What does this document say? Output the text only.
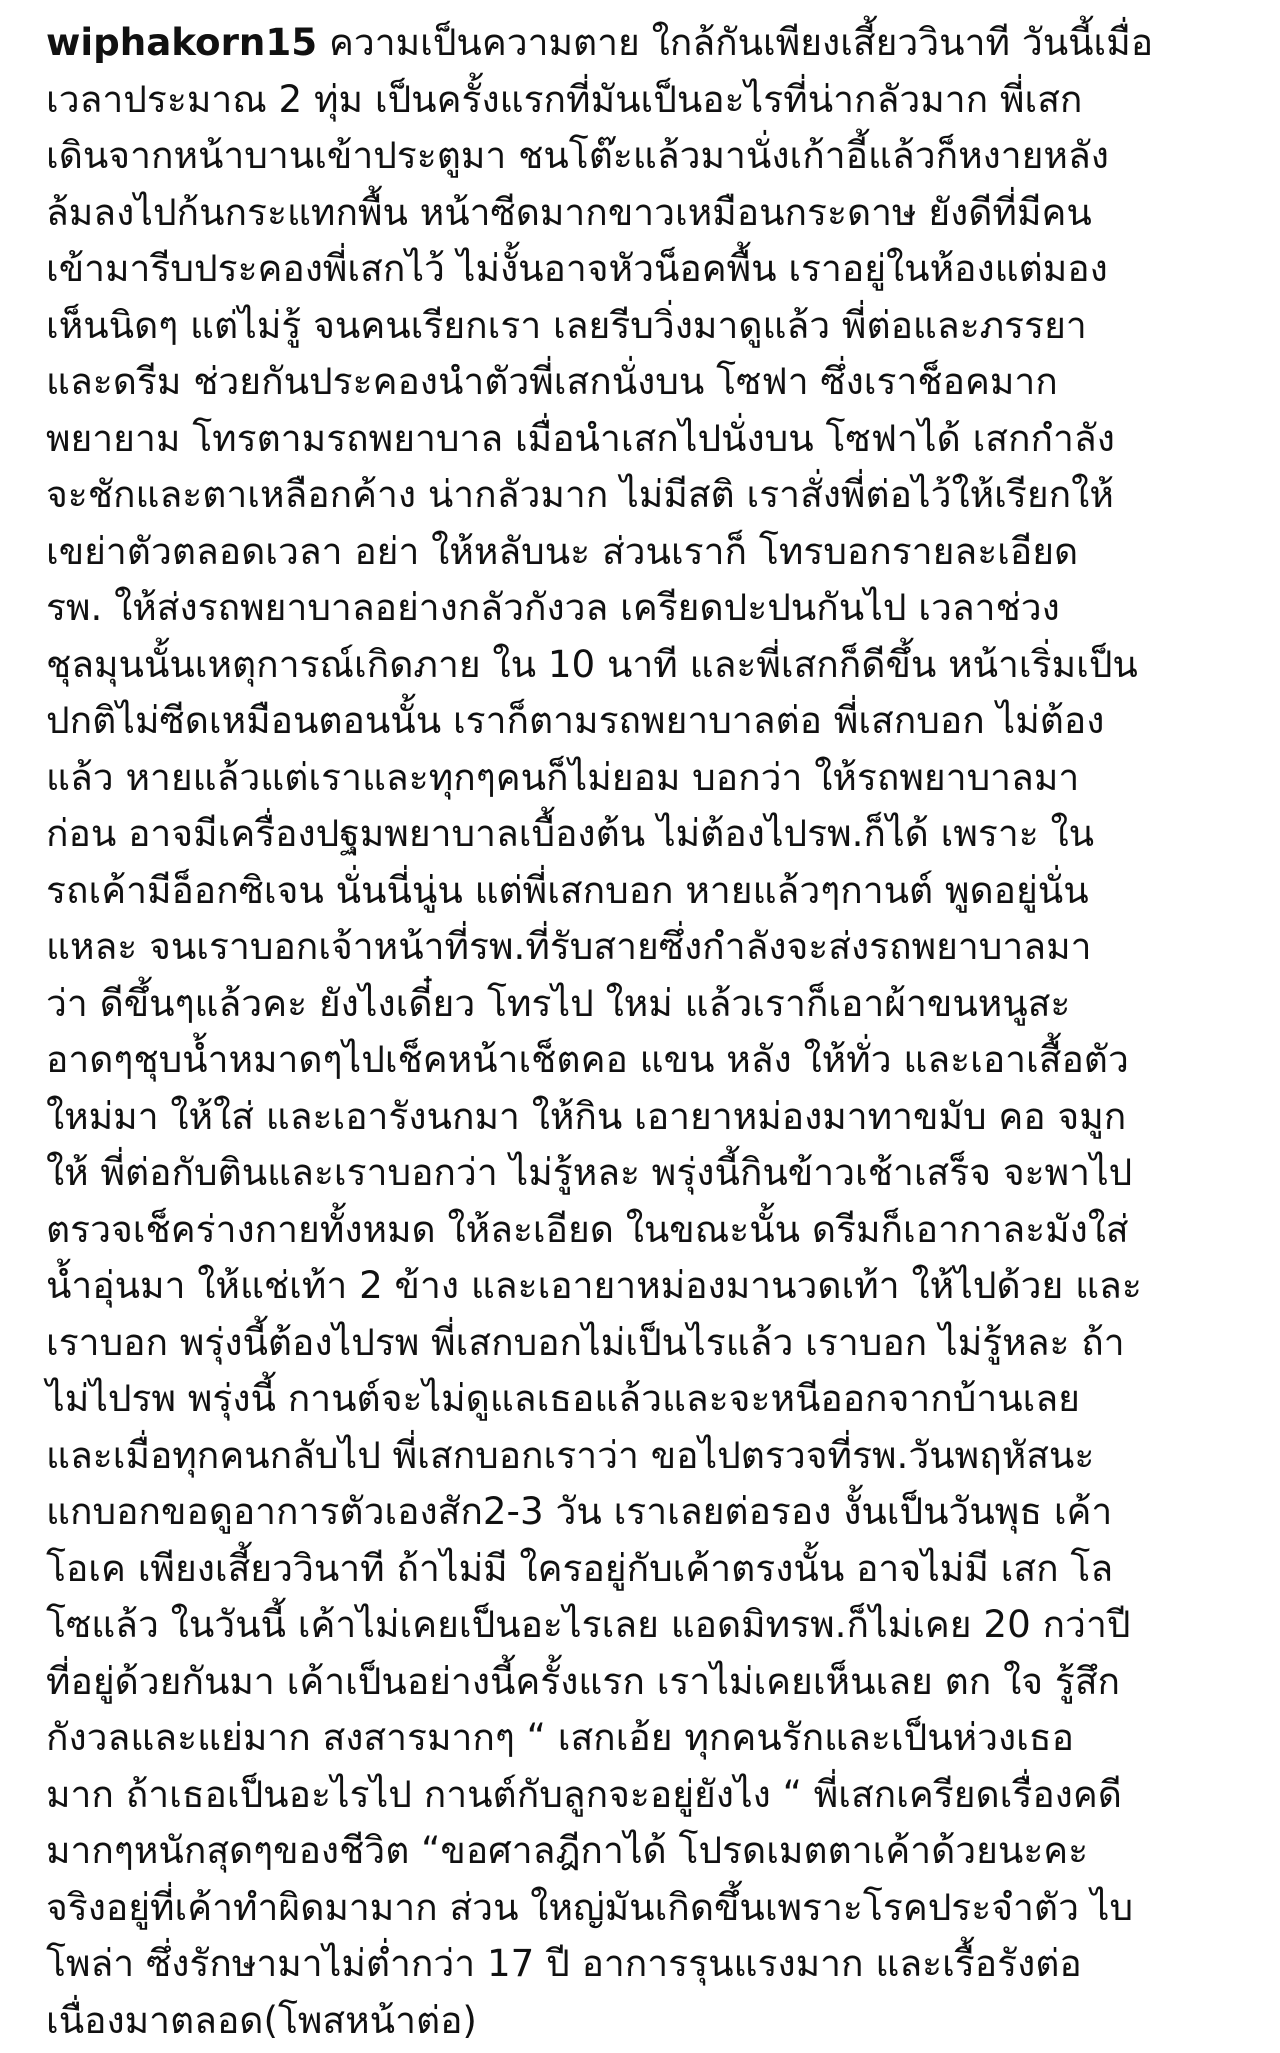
wiphakorn15 ความเป็นความตาย ใกล้กันเพียงเสี้ยววินาที วันนี้เมื่อ
เวลาประมาณ 2 ทุ่ม เป็นครั้งแรกที่มันเป็นอะไรที่น่ากลัวมาก พี่เสก
เดินจากหน้าบานเข้าประตูมา ชนโต๊ะแล้วมานั่งเก้าอี้แล้วก็หงายหลัง
ล้มลงไปก้นกระแทกพื้น หน้าซีดมากขาวเหมือนกระดาษ ยังดีที่มีคน
เข้ามารีบประคองพี่เสกไว้ ไม่งั้นอาจหัวน็อคพื้น เราอยู่ในห้องแต่มอง
เห็นนิดๆ แต่ไม่รู้ จนคนเรียกเรา เลยรีบวิ่งมาดูแล้ว พี่ต่อและภรรยา
และดรีม ช่วยกันประคองนำตัวพี่เสกนั่งบน โซฟา ซึ่งเราช็อคมาก
พยายาม โทรตามรถพยาบาล เมื่อนำเสกไปนั่งบน โซฟาได้ เสกกำลัง
จะชักและตาเหลือกค้าง น่ากลัวมาก ไม่มีสติ เราสั่งพี่ต่อไว้ให้เรียกให้
เขย่าตัวตลอดเวลา อย่า ให้หลับนะ ส่วนเราก็ โทรบอกรายละเอียด
รพ. ให้ส่งรถพยาบาลอย่างกลัวกังวล เครียดปะปนกันไป เวลาช่วง
ชุลมุนนั้นเหตุการณ์เกิดภาย ใน 10 นาที และพี่เสกก็ดีขึ้น หน้าเริ่มเป็น
ปกติไม่ซีดเหมือนตอนนั้น เราก็ตามรถพยาบาลต่อ พี่เสกบอก ไม่ต้อง
แล้ว หายแล้วแต่เราและทุกๆคนก็ไม่ยอม บอกว่า ให้รถพยาบาลมา
ก่อน อาจมีเครื่องปฐมพยาบาลเบื้องต้น ไม่ต้องไปรพ.ก็ได้ เพราะ ใน
รถเค้ามีอ็อกซิเจน นั่นนี่นู่น แต่พี่เสกบอก หายแล้วๆกานต์ พูดอยู่นั่น
แหละ จนเราบอกเจ้าหน้าที่รพ.ที่รับสายซึ่งกำลังจะส่งรถพยาบาลมา
ว่า ดีขึ้นๆแล้วคะ ยังไงเดี๋ยว โทรไป ใหม่ แล้วเราก็เอาผ้าขนหนูสะ
อาดๆชุบน้ำหมาดๆไปเช็คหน้าเช็ตคอ แขน หลัง ให้ทั่ว และเอาเสื้อตัว
ใหม่มา ให้ใส่ และเอารังนกมา ให้กิน เอายาหม่องมาทาขมับ คอ จมูก
ให้ พี่ต่อกับตินและเราบอกว่า ไม่รู้หละ พรุ่งนี้กินข้าวเช้าเสร็จ จะพาไป
ตรวจเช็คร่างกายทั้งหมด ให้ละเอียด ในขณะนั้น ดรีมก็เอากาละมังใส่
น้ำอุ่นมา ให้แช่เท้า 2 ข้าง และเอายาหม่องมานวดเท้า ให้ไปด้วย และ
เราบอก พรุ่งนี้ต้องไปรพ พี่เสกบอกไม่เป็นไรแล้ว เราบอก ไม่รู้หละ ถ้า
ไม่ไปรพ พรุ่งนี้ กานต์จะไม่ดูแลเธอแล้วและจะหนีออกจากบ้านเลย
และเมื่อทุกคนกลับไป พี่เสกบอกเราว่า ขอไปตรวจที่รพ.วันพฤหัสนะ
แกบอกขอดูอาการตัวเองสัก2-3 วัน เราเลยต่อรอง งั้นเป็นวันพุธ เค้า
โอเค เพียงเสี้ยววินาที ถ้าไม่มี ใครอยู่กับเค้าตรงนั้น อาจไม่มี เสก โล
โซแล้ว ในวันนี้ เค้าไม่เคยเป็นอะไรเลย แอดมิทรพ.ก็ไม่เคย 20 กว่าปี
ที่อยู่ด้วยกันมา เค้าเป็นอย่างนี้ครั้งแรก เราไม่เคยเห็นเลย ตก ใจ รู้สึก
กังวลและแย่มาก สงสารมากๆ “ เสกเอ้ย ทุกคนรักและเป็นห่วงเธอ
มาก ถ้าเธอเป็นอะไรไป กานต์กับลูกจะอยู่ยังไง “ พี่เสกเครียดเรื่องคดี
มากๆหนักสุดๆของชีวิต “ขอศาลฎีกาได้ โปรดเมตตาเค้าด้วยนะคะ
จริงอยู่ที่เค้าทำผิดมามาก ส่วน ใหญ่มันเกิดขึ้นเพราะโรคประจำตัว ไบ
โพล่า ซึ่งรักษามาไม่ต่ำกว่า 17 ปี อาการรุนแรงมาก และเรื้อรังต่อ
เนื่องมาตลอด(โพสหน้าต่อ)
